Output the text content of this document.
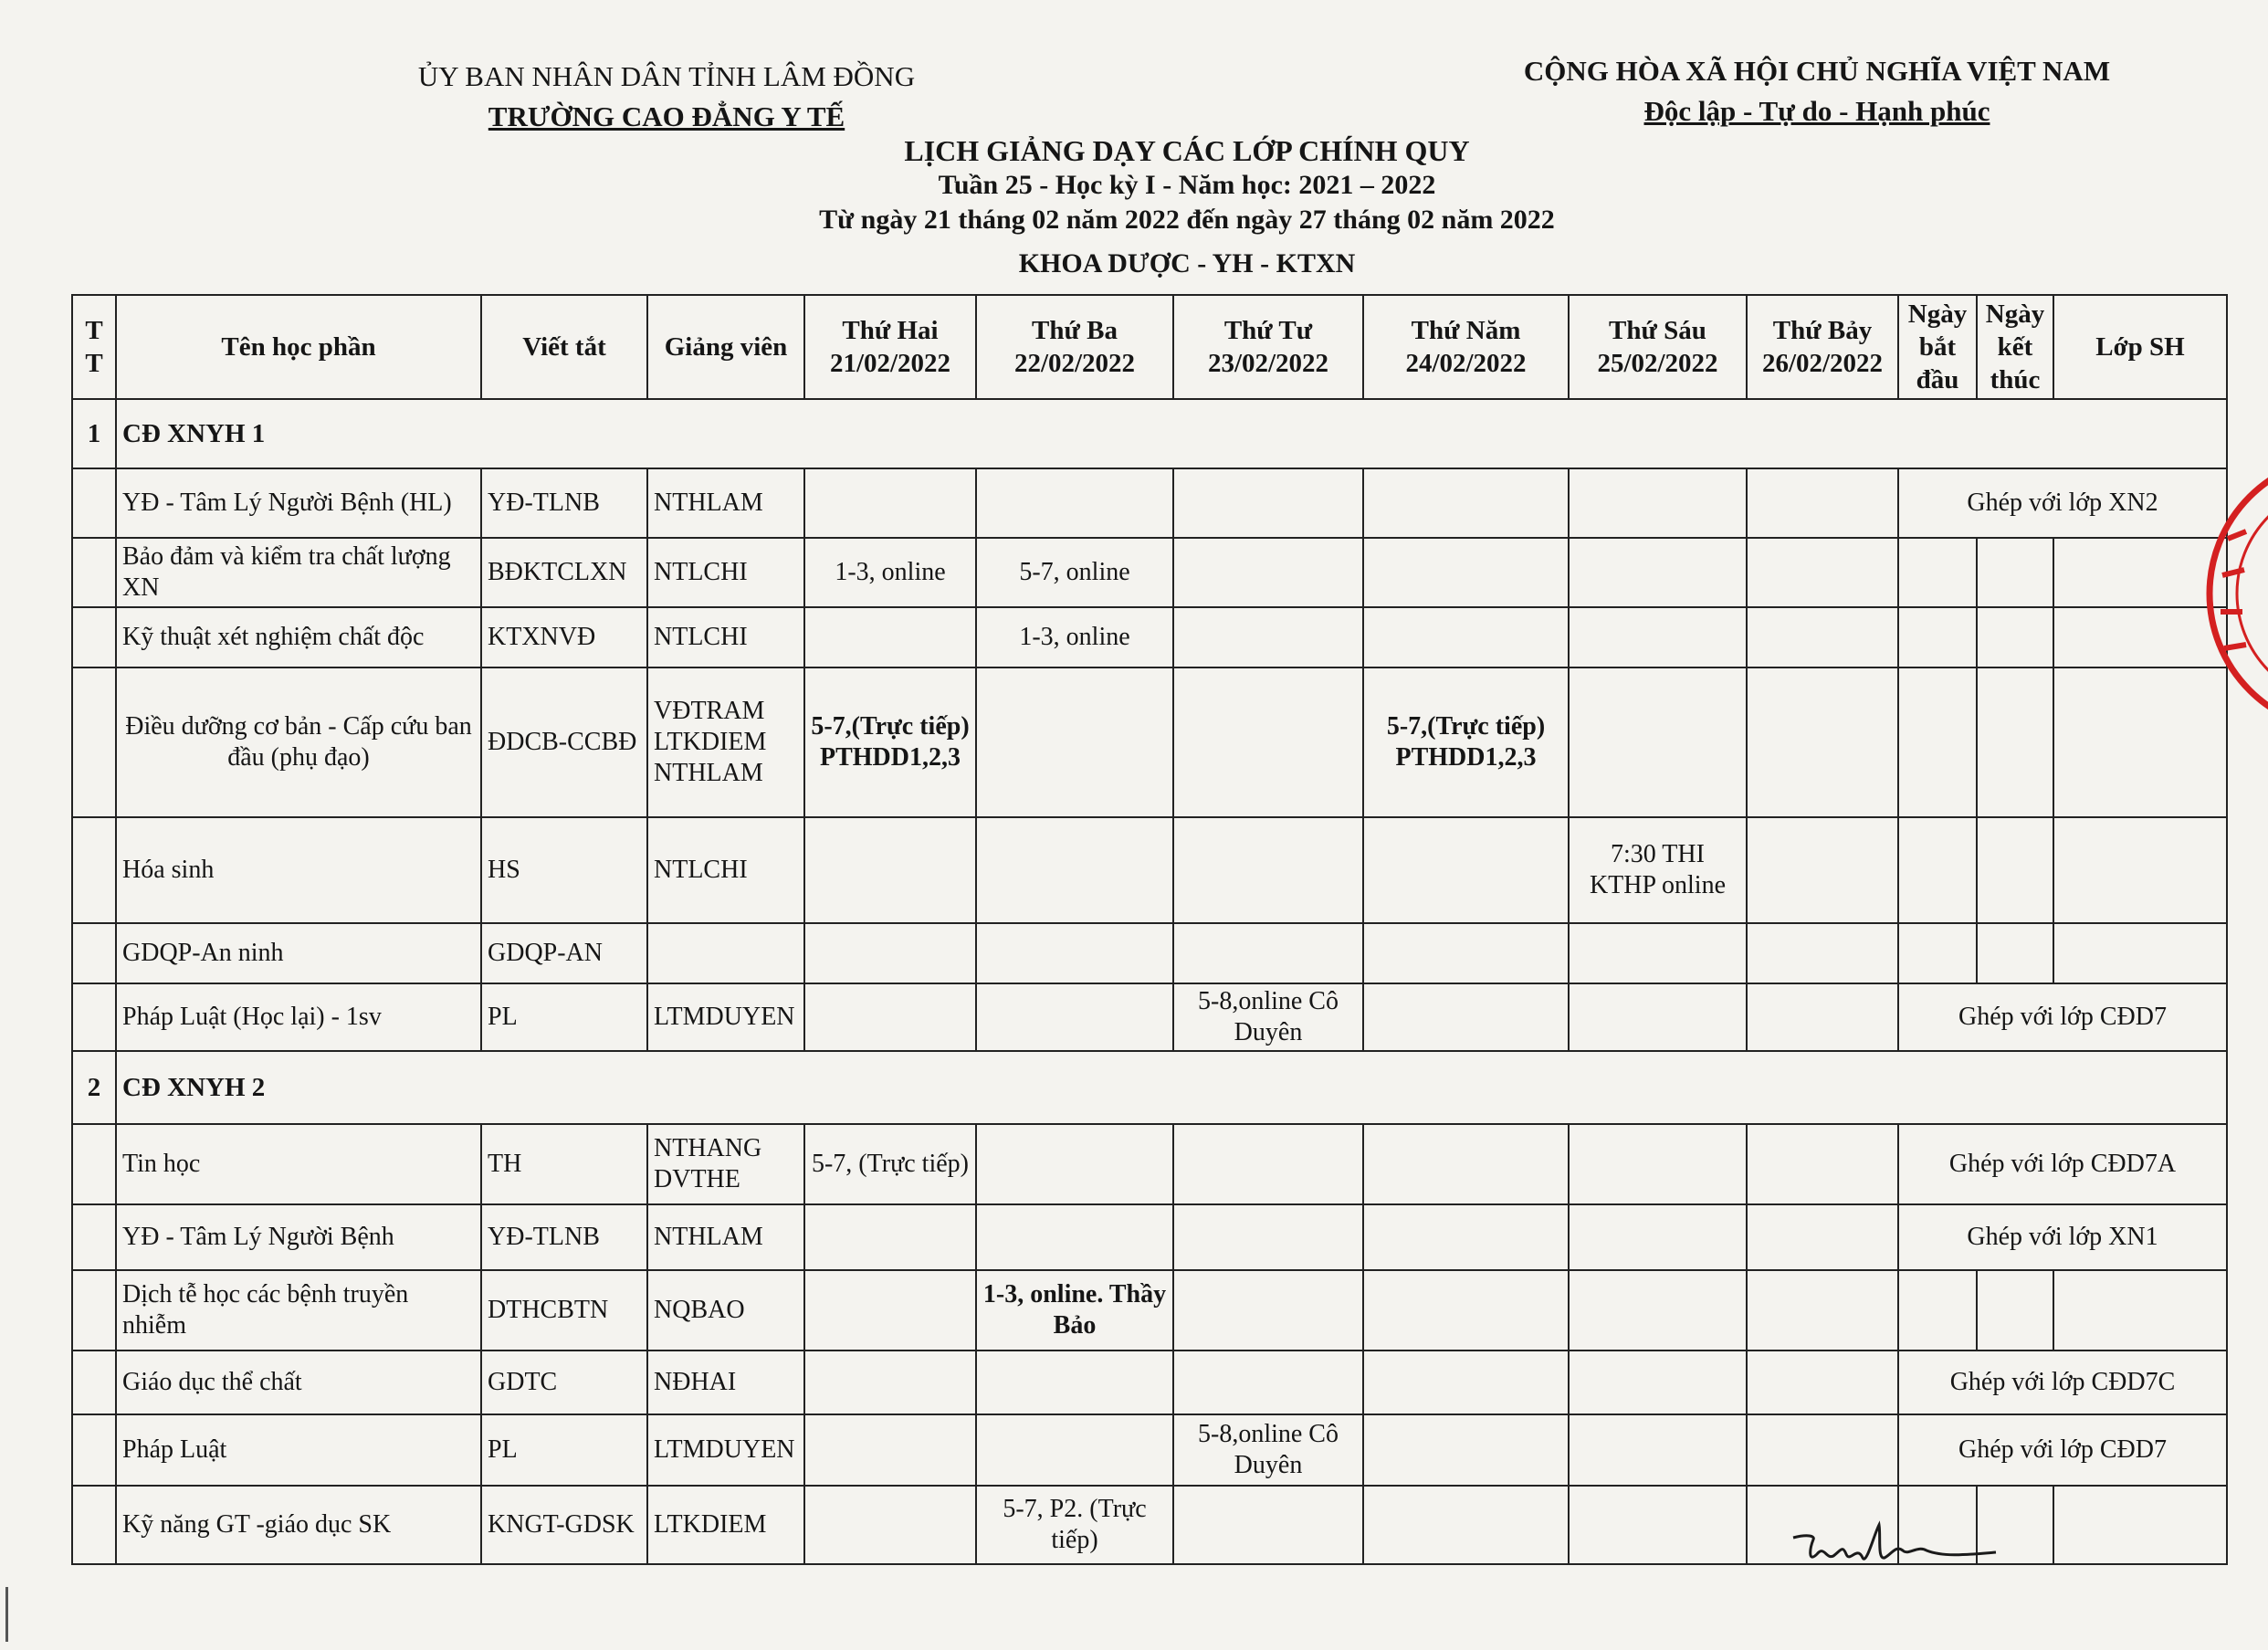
ỦY BAN NHÂN DÂN TỈNH LÂM ĐỒNG
TRƯỜNG CAO ĐẲNG Y TẾ
CỘNG HÒA XÃ HỘI CHỦ NGHĨA VIỆT NAM
Độc lập - Tự do - Hạnh phúc
LỊCH GIẢNG DẠY CÁC LỚP CHÍNH QUY
Tuần 25 - Học kỳ I - Năm học: 2021 – 2022
Từ ngày 21 tháng 02 năm 2022 đến ngày 27 tháng 02 năm 2022
KHOA DƯỢC - YH - KTXN
T T	Tên học phần	Viết tắt	Giảng viên	Thứ Hai 21/02/2022	Thứ Ba 22/02/2022	Thứ Tư 23/02/2022	Thứ Năm 24/02/2022	Thứ Sáu 25/02/2022	Thứ Bảy 26/02/2022	Ngày bắt đầu	Ngày kết thúc	Lớp SH
1	CĐ XNYH 1											
	YĐ - Tâm Lý Người Bệnh (HL)	YĐ-TLNB	NTHLAM							Ghép với lớp XN2		
	Bảo đảm và kiểm tra chất lượng XN	BĐKTCLXN	NTLCHI	1-3, online	5-7, online							
	Kỹ thuật xét nghiệm chất độc	KTXNVĐ	NTLCHI		1-3, online							
	Điều dưỡng cơ bản - Cấp cứu ban đầu (phụ đạo)	ĐDCB-CCBĐ	VĐTRAM LTKDIEM NTHLAM	5-7,(Trực tiếp) PTHDD1,2,3			5-7,(Trực tiếp) PTHDD1,2,3					
	Hóa sinh	HS	NTLCHI					7:30 THI KTHP online				
	GDQP-An ninh	GDQP-AN										
	Pháp Luật (Học lại) - 1sv	PL	LTMDUYEN			5-8,online Cô Duyên				Ghép với lớp CĐD7		
2	CĐ XNYH 2											
	Tin học	TH	NTHANG DVTHE	5-7, (Trực tiếp)						Ghép với lớp CĐD7A		
	YĐ - Tâm Lý Người Bệnh	YĐ-TLNB	NTHLAM							Ghép với lớp XN1		
	Dịch tễ học các bệnh truyền nhiễm	DTHCBTN	NQBAO		1-3, online. Thầy Bảo							
	Giáo dục thể chất	GDTC	NĐHAI							Ghép với lớp CĐD7C		
	Pháp Luật	PL	LTMDUYEN			5-8,online Cô Duyên				Ghép với lớp CĐD7		
	Kỹ năng GT -giáo dục SK	KNGT-GDSK	LTKDIEM		5-7, P2. (Trực tiếp)							
